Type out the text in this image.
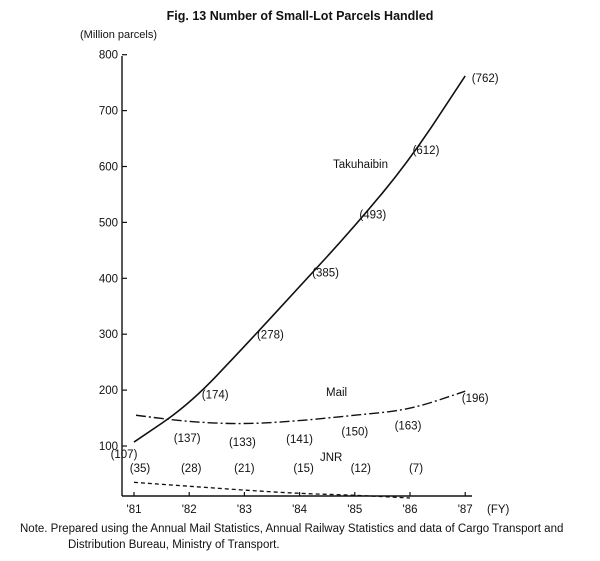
Fig. 13 Number of Small-Lot Parcels Handled
(Million parcels)
100
200
300
400
500
600
700
800
'81	'82	'83	'84	'85	'86	'87 (FY)
Takuhaibin
Mail
JNR
(107)
(174)
(278)
(385)
(493)
(612)
(762)
(137) (133)	(141)
(150) (163)
(196)
(35)	(28)	(21)	(15)	(12)	(7)
Note. Prepared using the Annual Mail Statistics, Annual Railway Statistics and data of Cargo Transport and
Distribution Bureau, Ministry of Transport.
